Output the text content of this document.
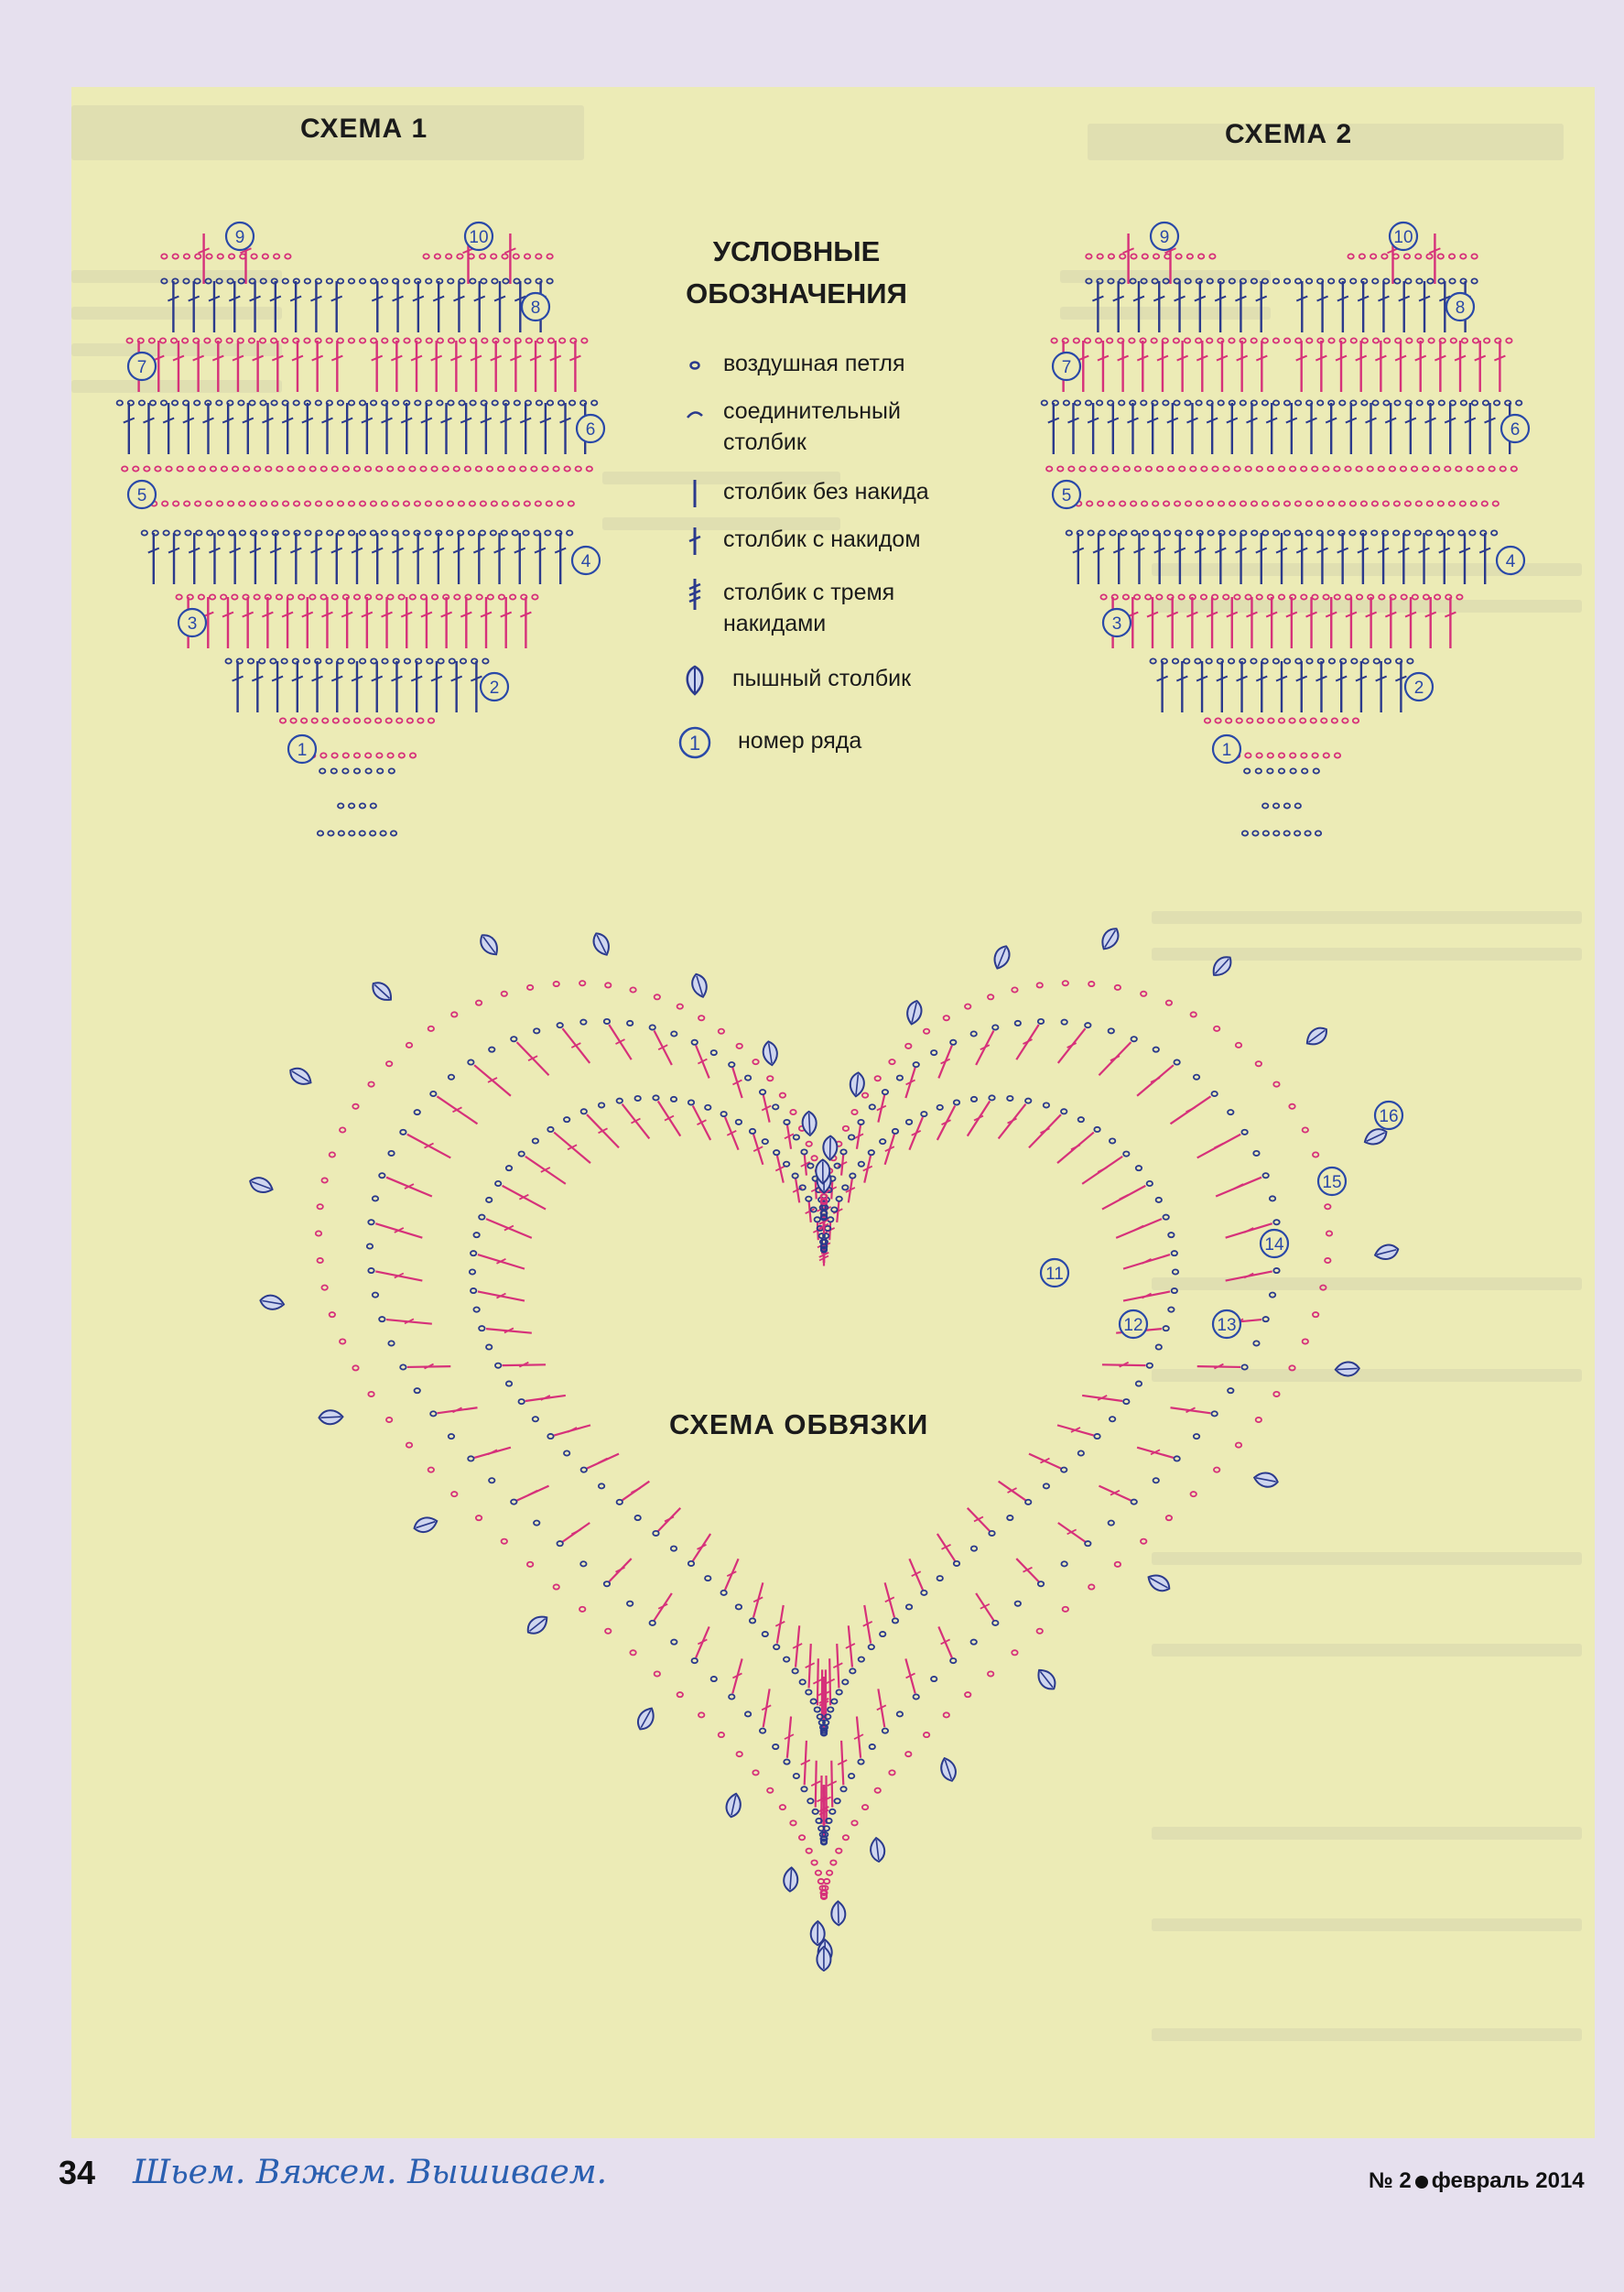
СХЕМА 1	СХЕМА 2
1
2
3
4
5
6
7
8
9	10
1
2
3
4
5
6
7
8
9	10
11
12	13
14
15
16
УСЛОВНЫЕ ОБОЗНАЧЕНИЯ
воздушная петля
соединительный столбик
столбик без накида
столбик с накидом
столбик с тремя накидами
пышный столбик
1 номер ряда
СХЕМА ОБВЯЗКИ
34 Шьем. Вяжем. Вышиваем.	№ 2 февраль 2014
